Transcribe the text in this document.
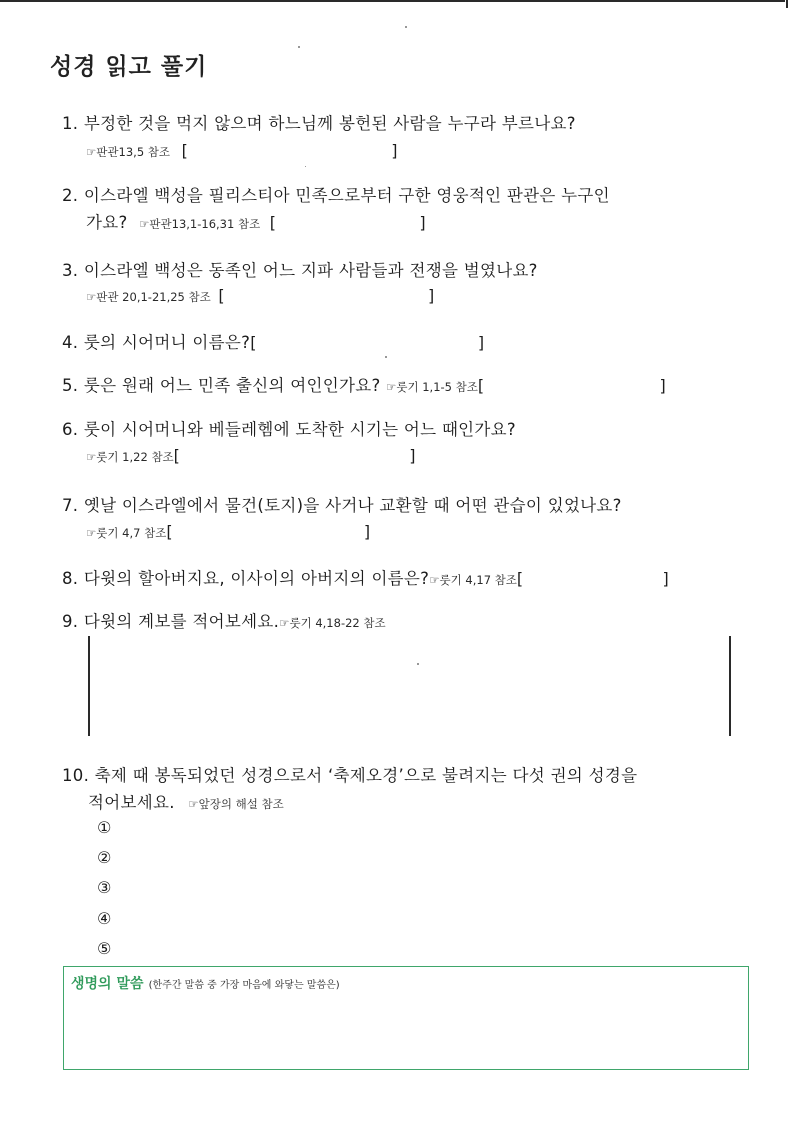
성경 읽고 풀기
1. 부정한 것을 먹지 않으며 하느님께 봉헌된 사람을 누구라 부르나요?
☞판관13,5 참조 [	]
2. 이스라엘 백성을 필리스티아 민족으로부터 구한 영웅적인 판관은 누구인
가요? ☞판관13,1-16,31 참조 [	]
3. 이스라엘 백성은 동족인 어느 지파 사람들과 전쟁을 벌였나요?
☞판관 20,1-21,25 참조 [	]
4. 룻의 시어머니 이름은?[	]
5. 룻은 원래 어느 민족 출신의 여인인가요? ☞룻기 1,1-5 참조[	]
6. 룻이 시어머니와 베들레헴에 도착한 시기는 어느 때인가요?
☞룻기 1,22 참조[	]
7. 옛날 이스라엘에서 물건(토지)을 사거나 교환할 때 어떤 관습이 있었나요?
☞룻기 4,7 참조[	]
8. 다윗의 할아버지요, 이사이의 아버지의 이름은?☞룻기 4,17 참조[	]
9. 다윗의 계보를 적어보세요.☞룻기 4,18-22 참조
10. 축제 때 봉독되었던 성경으로서 ‘축제오경’으로 불려지는 다섯 권의 성경을
적어보세요. ☞앞장의 해설 참조
①
②
③
④
⑤
생명의 말씀 (한주간 말씀 중 가장 마음에 와닿는 말씀은)
